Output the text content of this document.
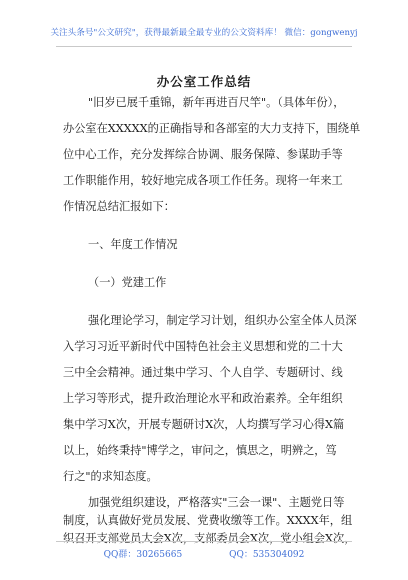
关注头条号"公文研究"，获得最新最全最专业的公文资料库！ 微信：gongwenyj
办公室工作总结
"旧岁已展千重锦，新年再进百尺竿"。（具体年份），
办公室在XXXXX的正确指导和各部室的大力支持下，围绕单
位中心工作，充分发挥综合协调、服务保障、参谋助手等
工作职能作用，较好地完成各项工作任务。现将一年来工
作情况总结汇报如下：
一、年度工作情况
（一）党建工作
强化理论学习，制定学习计划，组织办公室全体人员深
入学习习近平新时代中国特色社会主义思想和党的二十大
三中全会精神。通过集中学习、个人自学、专题研讨、线
上学习等形式，提升政治理论水平和政治素养。全年组织
集中学习X次，开展专题研讨X次，人均撰写学习心得X篇
以上，始终秉持"博学之，审问之，慎思之，明辨之，笃
行之"的求知态度。
加强党组织建设，严格落实"三会一课"、主题党日等
制度，认真做好党员发展、党费收缴等工作。XXXX年，组
织召开支部党员大会X次，支部委员会X次，党小组会X次，
QQ群：30265665	QQ：535304092
